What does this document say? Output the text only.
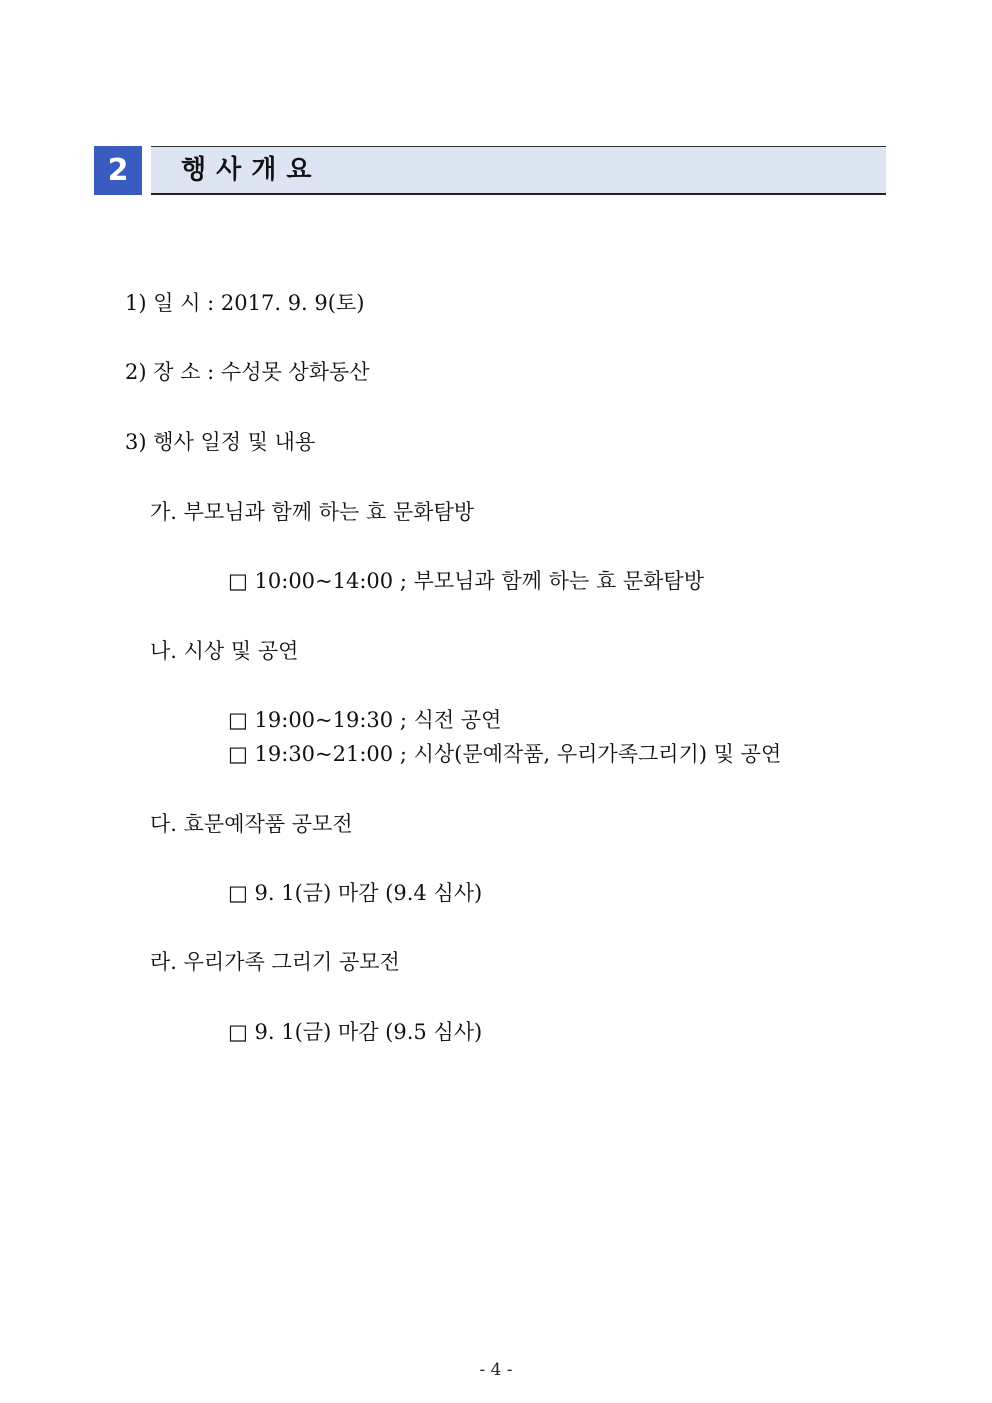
2	행사개요
1) 일 시 : 2017. 9. 9(토)
2) 장 소 : 수성못 상화동산
3) 행사 일정 및 내용
가. 부모님과 함께 하는 효 문화탐방
□ 10:00~14:00 ; 부모님과 함께 하는 효 문화탐방
나. 시상 및 공연
□ 19:00~19:30 ; 식전 공연
□ 19:30~21:00 ; 시상(문예작품, 우리가족그리기) 및 공연
다. 효문예작품 공모전
□ 9. 1(금) 마감 (9.4 심사)
라. 우리가족 그리기 공모전
□ 9. 1(금) 마감 (9.5 심사)
- 4 -
